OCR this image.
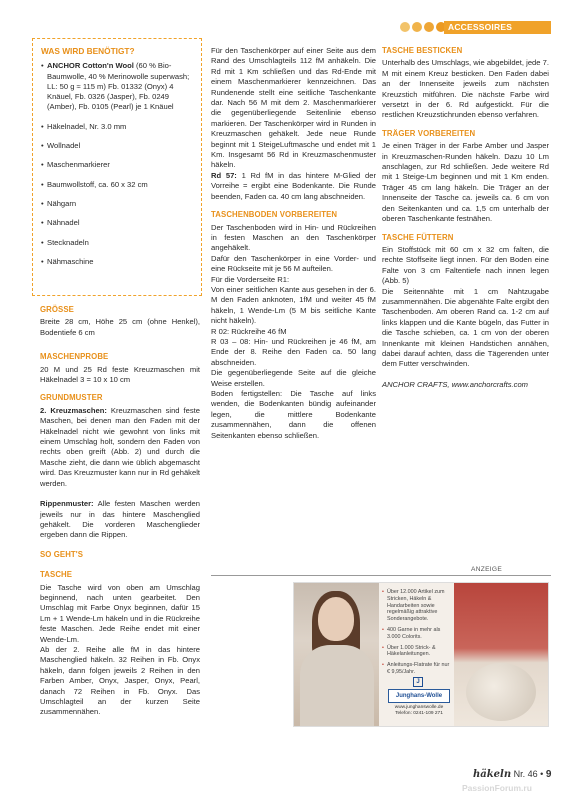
ACCESSOIRES
WAS WIRD BENÖTIGT?
• ANCHOR Cotton'n Wool (60 % Bio-Baumwolle, 40 % Merinowolle superwash; LL: 50 g ≈ 115 m) Fb. 01332 (Onyx) 4 Knäuel, Fb. 0326 (Jasper), Fb. 0249 (Amber), Fb. 0105 (Pearl) je 1 Knäuel
• Häkelnadel, Nr. 3.0 mm
• Wollnadel
• Maschenmarkierer
• Baumwollstoff, ca. 60 x 32 cm
• Nähgarn
• Nähnadel
• Stecknadeln
• Nähmaschine
GRÖSSE

Breite 28 cm, Höhe 25 cm (ohne Henkel), Bodentiefe 6 cm

MASCHENPROBE

20 M und 25 Rd feste Kreuzmaschen mit Häkelnadel 3 = 10 x 10 cm

GRUNDMUSTER

2. Kreuzmaschen: Kreuzmaschen sind feste Maschen, bei denen man den Faden mit der Häkelnadel nicht wie gewohnt von links mit einem Umschlag holt, sondern den Faden von rechts oben greift (Abb. 2) und durch die Masche zieht, die dann wie üblich abgemascht wird. Das Kreuzmuster kann nur in Rd gehäkelt werden.

Rippenmuster: Alle festen Maschen werden jeweils nur in das hintere Maschenglied gehäkelt. Die vorderen Maschenglieder ergeben dann die Rippen.

SO GEHT'S
TASCHE

Die Tasche wird von oben am Umschlag beginnend, nach unten gearbeitet. Den Umschlag mit Farbe Onyx beginnen, dafür 15 Lm + 1 Wende-Lm häkeln und in die Rückreihe feste Maschen. Jede Reihe endet mit einer Wende-Lm.

Ab der 2. Reihe alle fM in das hintere Maschenglied häkeln. 32 Reihen in Fb. Onyx häkeln, dann folgen jeweils 2 Reihen in den Farben Amber, Onyx, Jasper, Onyx, Pearl, danach 72 Reihen in Fb. Onyx. Das Umschlagteil an der kurzen Seite zusammennähen.

Für den Taschenkörper auf einer Seite aus dem Rand des Umschlagteils 112 fM anhäkeln. Die Rd mit 1 Km schließen und das Rd-Ende mit einem Maschenmarkierer kennzeichnen. Das Rundenende stellt eine seitliche Taschenkante dar. Nach 56 M mit dem 2. Maschenmarkierer die gegenüberliegende Seitenlinie ebenso markieren. Der Taschenkörper wird in Runden in Kreuzmaschen gehäkelt. Jede neue Runde beginnt mit 1 SteigeLuftmasche und endet mit 1 Km. Insgesamt 56 Rd in Kreuzmaschenmuster häkeln.

Rd 57: 1 Rd fM in das hintere M-Glied der Vorreihe = ergibt eine Bodenkante. Die Runde beenden, Faden ca. 40 cm lang abschneiden.

TASCHENBODEN VORBEREITEN

Der Taschenboden wird in Hin- und Rückreihen in festen Maschen an den Taschenkörper angehäkelt.

Dafür den Taschenkörper in eine Vorder- und eine Rückseite mit je 56 M aufteilen.

Für die Vorderseite R1:

Von einer seitlichen Kante aus gesehen in der 6. M den Faden anknoten, 1fM und weiter 45 fM häkeln, 1 Wende-Lm (5 M bis seitliche Kante nicht häkeln).

R 02: Rückreihe 46 fM

R 03 – 08: Hin- und Rückreihen je 46 fM, am Ende der 8. Reihe den Faden ca. 50 lang abschneiden.

Die gegenüberliegende Seite auf die gleiche Weise erstellen.

Boden fertigstellen: Die Tasche auf links wenden, die Bodenkanten bündig aufeinander legen, die mittlere Bodenkante zusammennähen, dann die offenen Seitenkanten ebenso schließen.

TASCHE BESTICKEN

Unterhalb des Umschlags, wie abgebildet, jede 7. M mit einem Kreuz besticken. Den Faden dabei an der Innenseite jeweils zum nächsten Kreuzstich mitführen. Die nächste Farbe wird versetzt in der 6. Rd aufgestickt. Für die restlichen Kreuzstichrunden ebenso verfahren.

TRÄGER VORBEREITEN

Je einen Träger in der Farbe Amber und Jasper in Kreuzmaschen-Runden häkeln. Dazu 10 Lm anschlagen, zur Rd schließen. Jede weitere Rd mit 1 Steige-Lm beginnen und mit 1 Km enden. Träger 45 cm lang häkeln. Die Träger an der Innenseite der Tasche ca. jeweils ca. 6 cm von den Seitenkanten und ca. 1,5 cm unterhalb der oberen Taschenkante festnähen.

TASCHE FÜTTERN

Ein Stoffstück mit 60 cm x 32 cm falten, die rechte Stoffseite liegt innen. Für den Boden eine Falte von 3 cm Faltentiefe nach innen legen (Abb. 5)

Die Seitennähte mit 1 cm Nahtzugabe zusammennähen. Die abgenähte Falte ergibt den Taschenboden. Am oberen Rand ca. 1-2 cm auf links klappen und die Kante bügeln, das Futter in die Tasche schieben, ca. 1 cm von der oberen Innenkante mit kleinen Handstichen annähen, dabei darauf achten, dass die Tägerenden unter dem Futter verschwinden.

ANCHOR CRAFTS, www.anchorcrafts.com

ANZEIGE
• Über 12.000 Artikel zum Stricken, Häkeln & Handarbeiten sowie regelmäßig attraktive Sonderangebote.
• 400 Garne in mehr als 3.000 Colorits.
• Über 1.000 Strick- & Häkelanleitungen.
• Anleitungs-Flatrate für nur € 9,95/Jahr.
J
Junghans-Wolle
www.junghanswolle.de
Telefon: 0241-109 271
häkeln Nr. 46 • 9
PassionForum.ru
